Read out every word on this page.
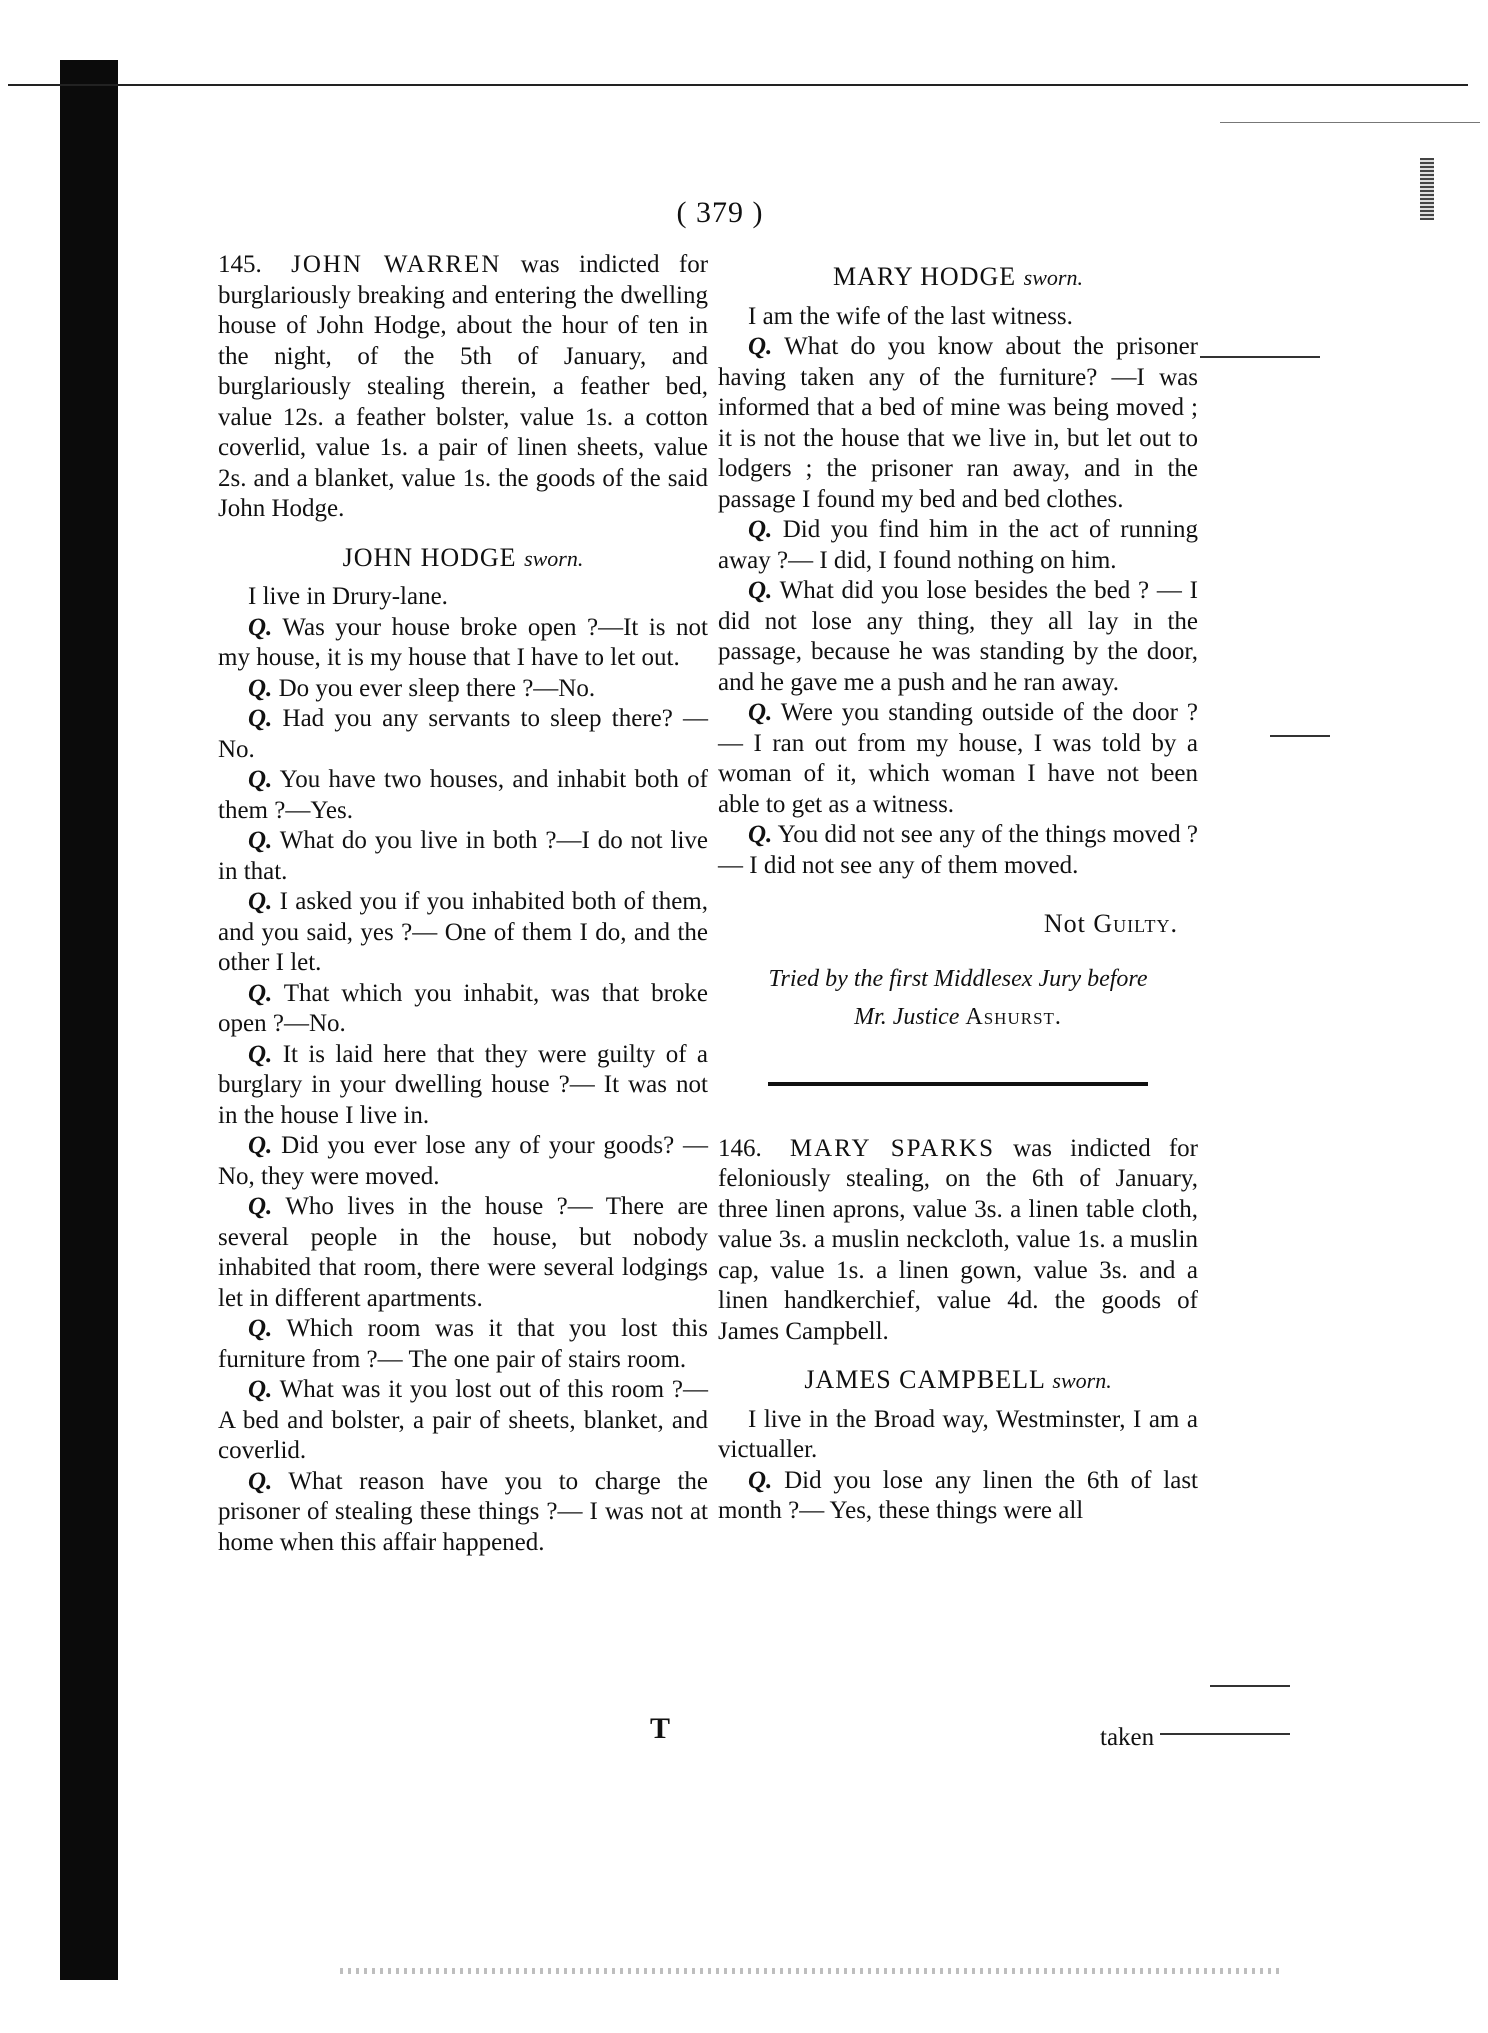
( 379 )

145. JOHN WARREN was indicted for burglariously breaking and entering the dwelling house of John Hodge, about the hour of ten in the night, of the 5th of January, and burglariously stealing therein, a feather bed, value 12s. a feather bolster, value 1s. a cotton coverlid, value 1s. a pair of linen sheets, value 2s. and a blanket, value 1s. the goods of the said John Hodge.

JOHN HODGE sworn.

I live in Drury-lane.

Q. Was your house broke open ?—It is not my house, it is my house that I have to let out.

Q. Do you ever sleep there ?—No.

Q. Had you any servants to sleep there? —No.

Q. You have two houses, and inhabit both of them ?—Yes.

Q. What do you live in both ?—I do not live in that.

Q. I asked you if you inhabited both of them, and you said, yes ?— One of them I do, and the other I let.

Q. That which you inhabit, was that broke open ?—No.

Q. It is laid here that they were guilty of a burglary in your dwelling house ?— It was not in the house I live in.

Q. Did you ever lose any of your goods? —No, they were moved.

Q. Who lives in the house ?— There are several people in the house, but nobody inhabited that room, there were several lodgings let in different apartments.

Q. Which room was it that you lost this furniture from ?— The one pair of stairs room.

Q. What was it you lost out of this room ?— A bed and bolster, a pair of sheets, blanket, and coverlid.

Q. What reason have you to charge the prisoner of stealing these things ?— I was not at home when this affair happened.

MARY HODGE sworn.

I am the wife of the last witness.

Q. What do you know about the prisoner having taken any of the furniture? —I was informed that a bed of mine was being moved ; it is not the house that we live in, but let out to lodgers ; the prisoner ran away, and in the passage I found my bed and bed clothes.

Q. Did you find him in the act of running away ?— I did, I found nothing on him.

Q. What did you lose besides the bed ? — I did not lose any thing, they all lay in the passage, because he was standing by the door, and he gave me a push and he ran away.

Q. Were you standing outside of the door ?— I ran out from my house, I was told by a woman of it, which woman I have not been able to get as a witness.

Q. You did not see any of the things moved ?— I did not see any of them moved.

Not Guilty.
Tried by the first Middlesex Jury before
Mr. Justice Ashurst.

146. MARY SPARKS was indicted for feloniously stealing, on the 6th of January, three linen aprons, value 3s. a linen table cloth, value 3s. a muslin neckcloth, value 1s. a muslin cap, value 1s. a linen gown, value 3s. and a linen handkerchief, value 4d. the goods of James Campbell.

JAMES CAMPBELL sworn.

I live in the Broad way, Westminster, I am a victualler.

Q. Did you lose any linen the 6th of last month ?— Yes, these things were all

T	taken
